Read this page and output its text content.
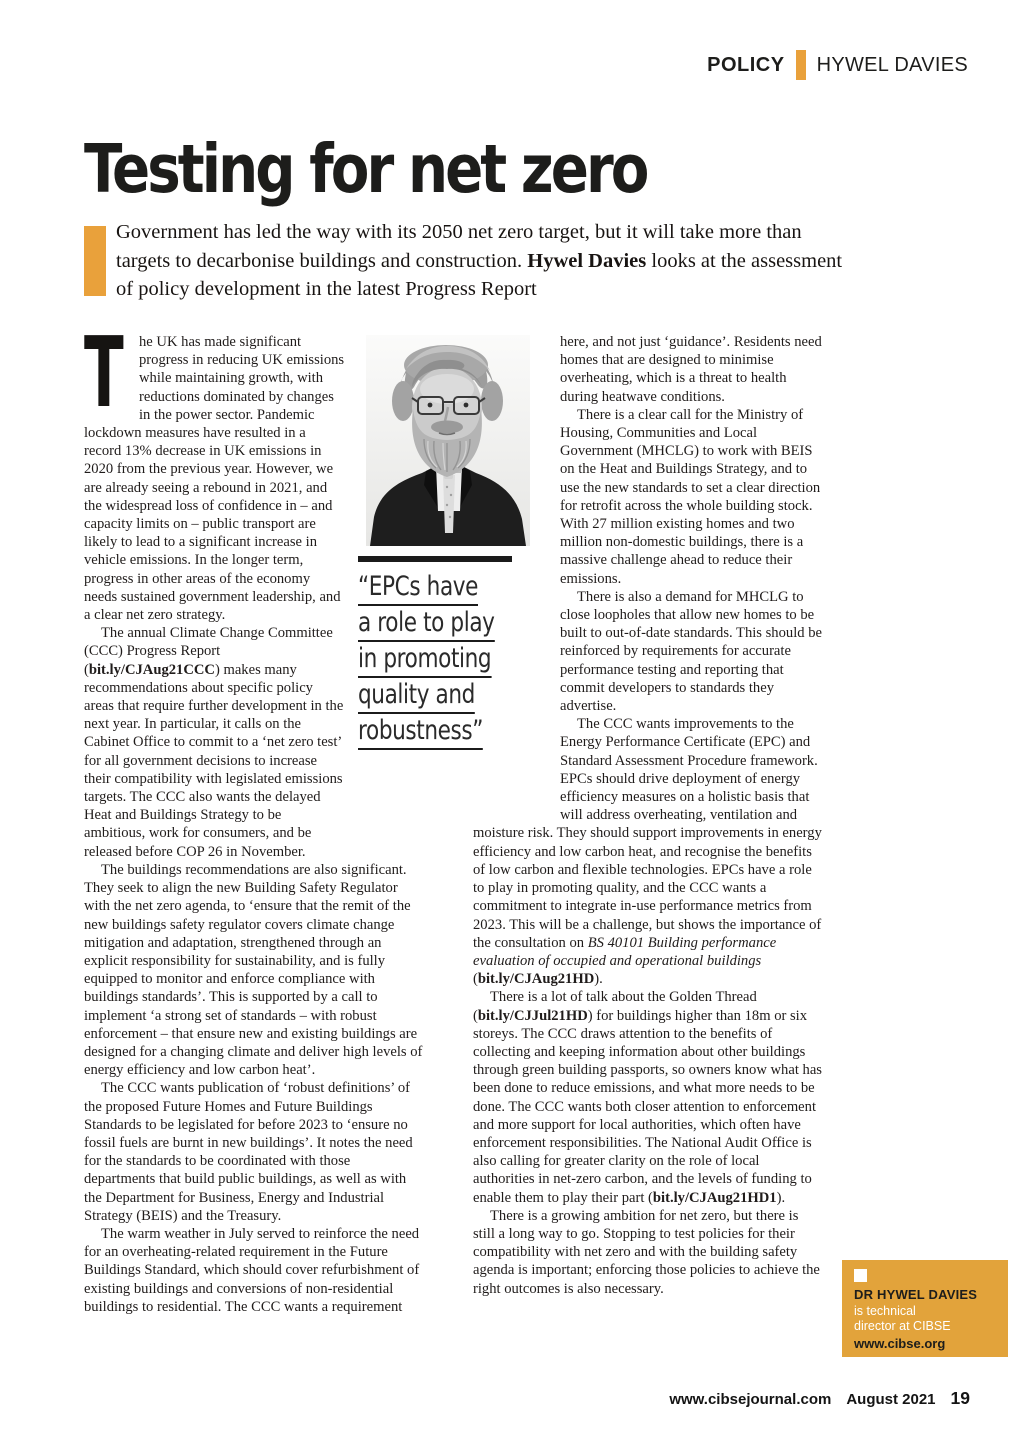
POLICY HYWEL DAVIES
Testing for net zero

Government has led the way with its 2050 net zero target, but it will take more than targets to decarbonise buildings and construction. Hywel Davies looks at the assessment of policy development in the latest Progress Report

T he UK has made significant progress in reducing UK emissions while maintaining growth, with reductions dominated by changes in the power sector. Pandemic lockdown measures have resulted in a record 13% decrease in UK emissions in 2020 from the previous year. However, we are already seeing a rebound in 2021, and the widespread loss of confidence in – and capacity limits on – public transport are likely to lead to a significant increase in vehicle emissions. In the longer term, progress in other areas of the economy needs sustained government leadership, and a clear net zero strategy.

The annual Climate Change Committee (CCC) Progress Report (bit.ly/CJAug21CCC) makes many recommendations about specific policy areas that require further development in the next year. In particular, it calls on the Cabinet Office to commit to a ‘net zero test’ for all government decisions to increase their compatibility with legislated emissions targets. The CCC also wants the delayed Heat and Buildings Strategy to be ambitious, work for consumers, and be released before COP 26 in November.

The buildings recommendations are also significant. They seek to align the new Building Safety Regulator with the net zero agenda, to ‘ensure that the remit of the new buildings safety regulator covers climate change mitigation and adaptation, strengthened through an explicit responsibility for sustainability, and is fully equipped to monitor and enforce compliance with buildings standards’. This is supported by a call to implement ‘a strong set of standards – with robust enforcement – that ensure new and existing buildings are designed for a changing climate and deliver high levels of energy efficiency and low carbon heat’.

The CCC wants publication of ‘robust definitions’ of the proposed Future Homes and Future Buildings Standards to be legislated for before 2023 to ‘ensure no fossil fuels are burnt in new buildings’. It notes the need for the standards to be coordinated with those departments that build public buildings, as well as with the Department for Business, Energy and Industrial Strategy (BEIS) and the Treasury.

The warm weather in July served to reinforce the need for an overheating-related requirement in the Future Buildings Standard, which should cover refurbishment of existing buildings and conversions of non-residential buildings to residential. The CCC wants a requirement

here, and not just ‘guidance’. Residents need homes that are designed to minimise overheating, which is a threat to health during heatwave conditions.

There is a clear call for the Ministry of Housing, Communities and Local Government (MHCLG) to work with BEIS on the Heat and Buildings Strategy, and to use the new standards to set a clear direction for retrofit across the whole building stock. With 27 million existing homes and two million non-domestic buildings, there is a massive challenge ahead to reduce their emissions.

There is also a demand for MHCLG to close loopholes that allow new homes to be built to out-of-date standards. This should be reinforced by requirements for accurate performance testing and reporting that commit developers to standards they advertise.

The CCC wants improvements to the Energy Performance Certificate (EPC) and Standard Assessment Procedure framework. EPCs should drive deployment of energy efficiency measures on a holistic basis that will address overheating, ventilation and moisture risk. They should support improvements in energy efficiency and low carbon heat, and recognise the benefits of low carbon and flexible technologies. EPCs have a role to play in promoting quality, and the CCC wants a commitment to integrate in-use performance metrics from 2023. This will be a challenge, but shows the importance of the consultation on BS 40101 Building performance evaluation of occupied and operational buildings (bit.ly/CJAug21HD).

There is a lot of talk about the Golden Thread (bit.ly/CJJul21HD) for buildings higher than 18m or six storeys. The CCC draws attention to the benefits of collecting and keeping information about other buildings through green building passports, so owners know what has been done to reduce emissions, and what more needs to be done. The CCC wants both closer attention to enforcement and more support for local authorities, which often have enforcement responsibilities. The National Audit Office is also calling for greater clarity on the role of local authorities in net-zero carbon, and the levels of funding to enable them to play their part (bit.ly/CJAug21HD1).

There is a growing ambition for net zero, but there is still a long way to go. Stopping to test policies for their compatibility with net zero and with the building safety agenda is important; enforcing those policies to achieve the right outcomes is also necessary.

“EPCs have
a role to play
in promoting
quality and
robustness”
DR HYWEL DAVIES
is technical
director at CIBSE
www.cibse.org
www.cibsejournal.com August 2021 19
